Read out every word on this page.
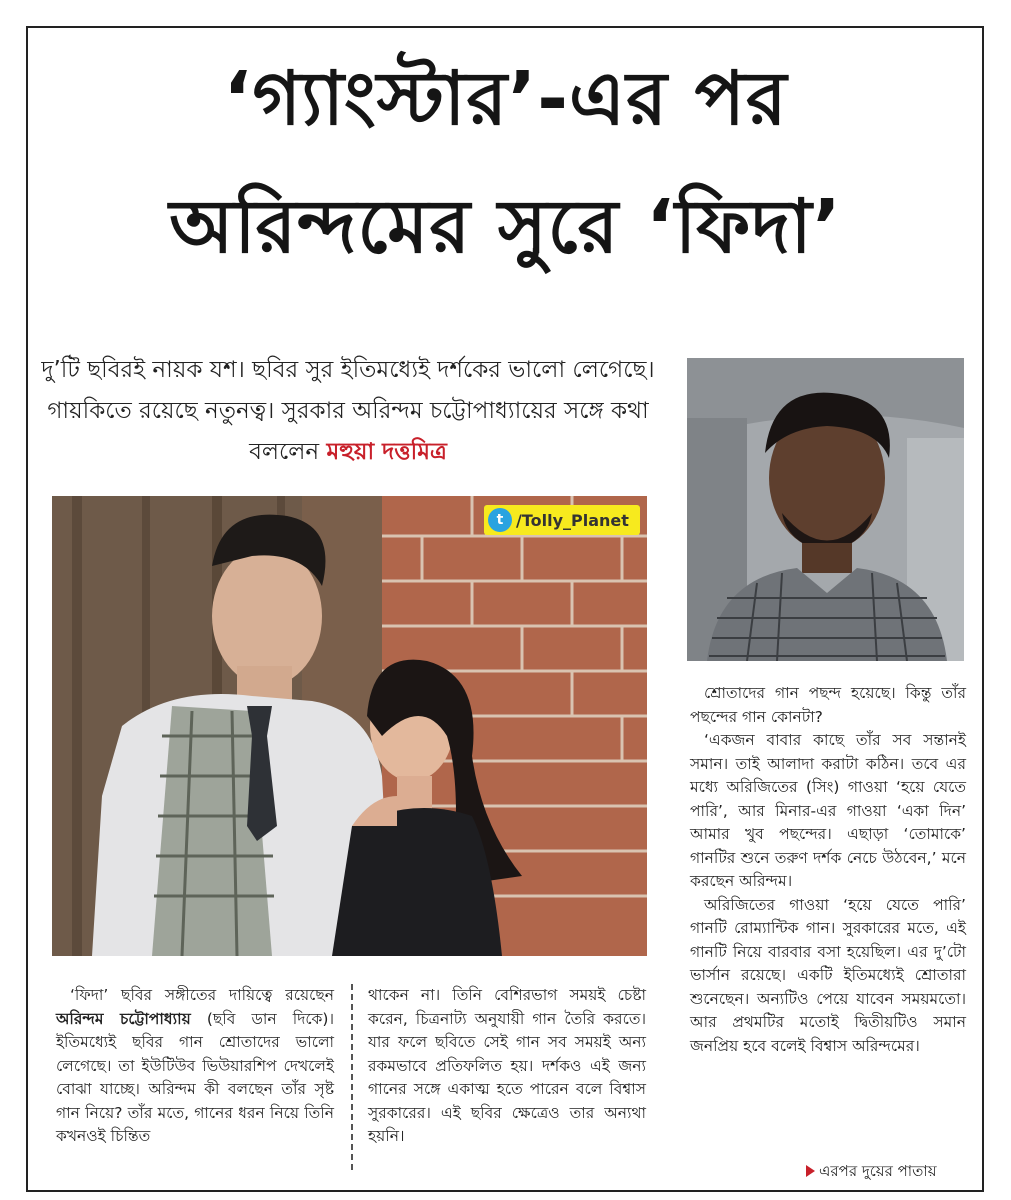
‘গ্যাংস্টার’-এর পর
অরিন্দমের সুরে ‘ফিদা’
দু’টি ছবিরই নায়ক যশ। ছবির সুর ইতিমধ্যেই দর্শকের ভালো লেগেছে। গায়কিতে রয়েছে নতুনত্ব। সুরকার অরিন্দম চট্টোপাধ্যায়ের সঙ্গে কথা বললেন মহুয়া দত্তমিত্র
t /Tolly_Planet

‘ফিদা’ ছবির সঙ্গীতের দায়িত্বে রয়েছেন অরিন্দম চট্টোপাধ্যায় (ছবি ডান দিকে)। ইতিমধ্যেই ছবির গান শ্রোতাদের ভালো লেগেছে। তা ইউটিউব ভিউয়ারশিপ দেখলেই বোঝা যাচ্ছে। অরিন্দম কী বলছেন তাঁর সৃষ্ট গান নিয়ে? তাঁর মতে, গানের ধরন নিয়ে তিনি কখনওই চিন্তিত

থাকেন না। তিনি বেশিরভাগ সময়ই চেষ্টা করেন, চিত্রনাট্য অনুযায়ী গান তৈরি করতে। যার ফলে ছবিতে সেই গান সব সময়ই অন্য রকমভাবে প্রতিফলিত হয়। দর্শকও এই জন্য গানের সঙ্গে একাত্ম হতে পারেন বলে বিশ্বাস সুরকারের। এই ছবির ক্ষেত্রেও তার অন্যথা হয়নি।

শ্রোতাদের গান পছন্দ হয়েছে। কিন্তু তাঁর পছন্দের গান কোনটা?

‘একজন বাবার কাছে তাঁর সব সন্তানই সমান। তাই আলাদা করাটা কঠিন। তবে এর মধ্যে অরিজিতের (সিং) গাওয়া ‘হয়ে যেতে পারি’, আর মিনার-এর গাওয়া ‘একা দিন’ আমার খুব পছন্দের। এছাড়া ‘তোমাকে’ গানটির শুনে তরুণ দর্শক নেচে উঠবেন,’ মনে করছেন অরিন্দম।

অরিজিতের গাওয়া ‘হয়ে যেতে পারি’ গানটি রোম্যান্টিক গান। সুরকারের মতে, এই গানটি নিয়ে বারবার বসা হয়েছিল। এর দু’টো ভার্সান রয়েছে। একটি ইতিমধ্যেই শ্রোতারা শুনেছেন। অন্যটিও পেয়ে যাবেন সময়মতো। আর প্রথমটির মতোই দ্বিতীয়টিও সমান জনপ্রিয় হবে বলেই বিশ্বাস অরিন্দমের।

এরপর দুয়ের পাতায়
